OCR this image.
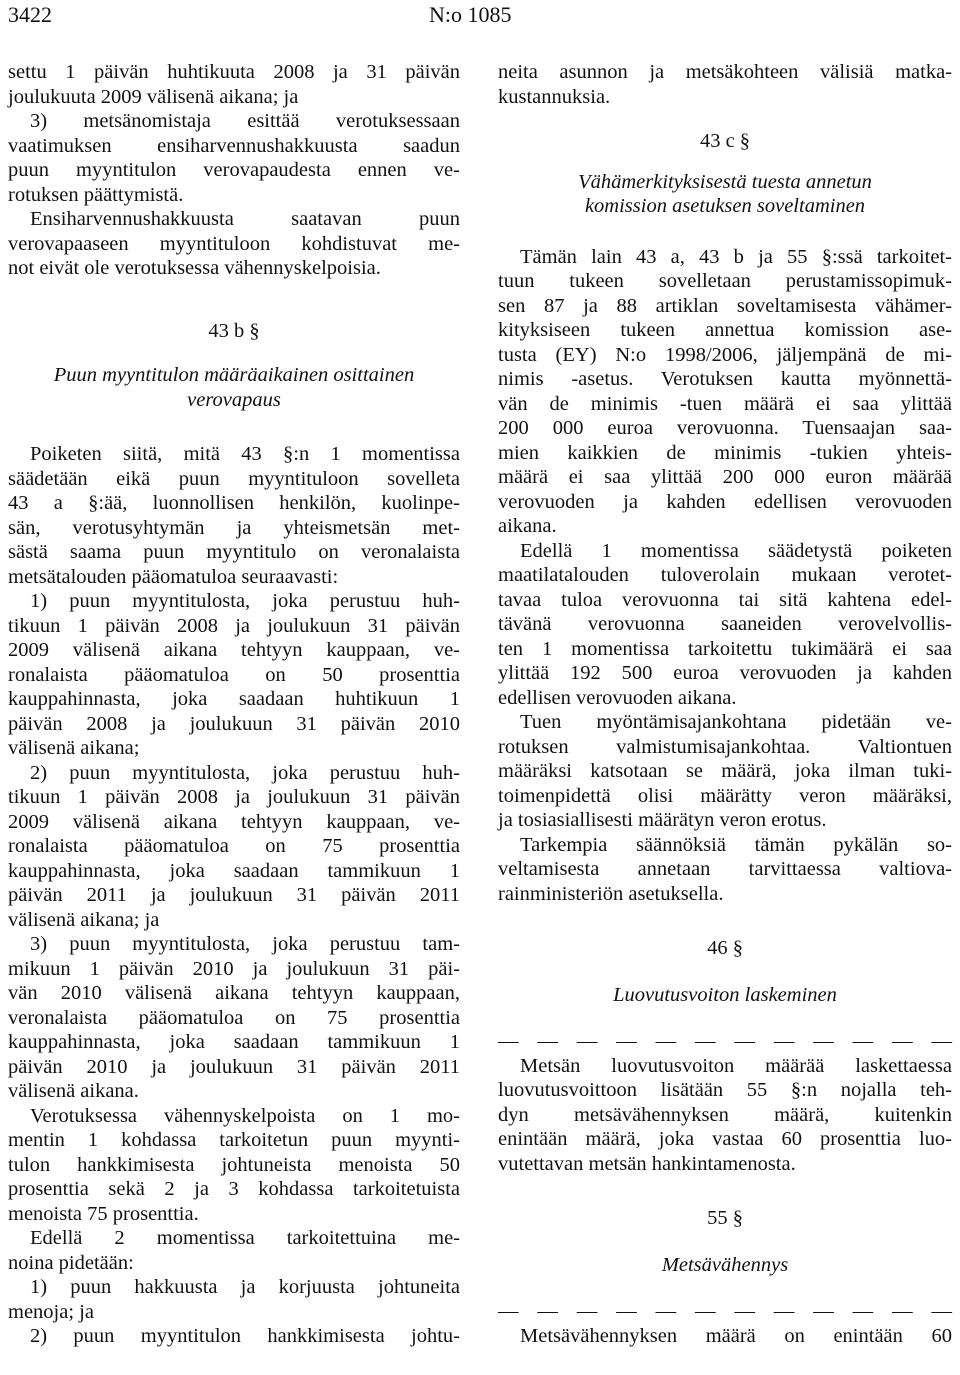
3422	N:o 1085
settu 1 päivän huhtikuuta 2008 ja 31 päivän
joulukuuta 2009 välisenä aikana; ja
3) metsänomistaja esittää verotuksessaan
vaatimuksen ensiharvennushakkuusta saadun
puun myyntitulon verovapaudesta ennen ve-
rotuksen päättymistä.
Ensiharvennushakkuusta saatavan puun
verovapaaseen myyntituloon kohdistuvat me-
not eivät ole verotuksessa vähennyskelpoisia.
43 b §
Puun myyntitulon määräaikainen osittainen
verovapaus
Poiketen siitä, mitä 43 §:n 1 momentissa
säädetään eikä puun myyntituloon sovelleta
43 a §:ää, luonnollisen henkilön, kuolinpe-
sän, verotusyhtymän ja yhteismetsän met-
sästä saama puun myyntitulo on veronalaista
metsätalouden pääomatuloa seuraavasti:
1) puun myyntitulosta, joka perustuu huh-
tikuun 1 päivän 2008 ja joulukuun 31 päivän
2009 välisenä aikana tehtyyn kauppaan, ve-
ronalaista pääomatuloa on 50 prosenttia
kauppahinnasta, joka saadaan huhtikuun 1
päivän 2008 ja joulukuun 31 päivän 2010
välisenä aikana;
2) puun myyntitulosta, joka perustuu huh-
tikuun 1 päivän 2008 ja joulukuun 31 päivän
2009 välisenä aikana tehtyyn kauppaan, ve-
ronalaista pääomatuloa on 75 prosenttia
kauppahinnasta, joka saadaan tammikuun 1
päivän 2011 ja joulukuun 31 päivän 2011
välisenä aikana; ja
3) puun myyntitulosta, joka perustuu tam-
mikuun 1 päivän 2010 ja joulukuun 31 päi-
vän 2010 välisenä aikana tehtyyn kauppaan,
veronalaista pääomatuloa on 75 prosenttia
kauppahinnasta, joka saadaan tammikuun 1
päivän 2010 ja joulukuun 31 päivän 2011
välisenä aikana.
Verotuksessa vähennyskelpoista on 1 mo-
mentin 1 kohdassa tarkoitetun puun myynti-
tulon hankkimisesta johtuneista menoista 50
prosenttia sekä 2 ja 3 kohdassa tarkoitetuista
menoista 75 prosenttia.
Edellä 2 momentissa tarkoitettuina me-
noina pidetään:
1) puun hakkuusta ja korjuusta johtuneita
menoja; ja
2) puun myyntitulon hankkimisesta johtu-
neita asunnon ja metsäkohteen välisiä matka-
kustannuksia.
43 c §
Vähämerkityksisestä tuesta annetun
komission asetuksen soveltaminen
Tämän lain 43 a, 43 b ja 55 §:ssä tarkoitet-
tuun tukeen sovelletaan perustamissopimuk-
sen 87 ja 88 artiklan soveltamisesta vähämer-
kityksiseen tukeen annettua komission ase-
tusta (EY) N:o 1998/2006, jäljempänä de mi-
nimis -asetus. Verotuksen kautta myönnettä-
vän de minimis -tuen määrä ei saa ylittää
200 000 euroa verovuonna. Tuensaajan saa-
mien kaikkien de minimis -tukien yhteis-
määrä ei saa ylittää 200 000 euron määrää
verovuoden ja kahden edellisen verovuoden
aikana.
Edellä 1 momentissa säädetystä poiketen
maatilatalouden tuloverolain mukaan verotet-
tavaa tuloa verovuonna tai sitä kahtena edel-
tävänä verovuonna saaneiden verovelvollis-
ten 1 momentissa tarkoitettu tukimäärä ei saa
ylittää 192 500 euroa verovuoden ja kahden
edellisen verovuoden aikana.
Tuen myöntämisajankohtana pidetään ve-
rotuksen valmistumisajankohtaa. Valtiontuen
määräksi katsotaan se määrä, joka ilman tuki-
toimenpidettä olisi määrätty veron määräksi,
ja tosiasiallisesti määrätyn veron erotus.
Tarkempia säännöksiä tämän pykälän so-
veltamisesta annetaan tarvittaessa valtiova-
rainministeriön asetuksella.
46 §
Luovutusvoiton laskeminen
— — — — — — — — — — — —
Metsän luovutusvoiton määrää laskettaessa
luovutusvoittoon lisätään 55 §:n nojalla teh-
dyn metsävähennyksen määrä, kuitenkin
enintään määrä, joka vastaa 60 prosenttia luo-
vutettavan metsän hankintamenosta.
55 §
Metsävähennys
— — — — — — — — — — — —
Metsävähennyksen määrä on enintään 60
